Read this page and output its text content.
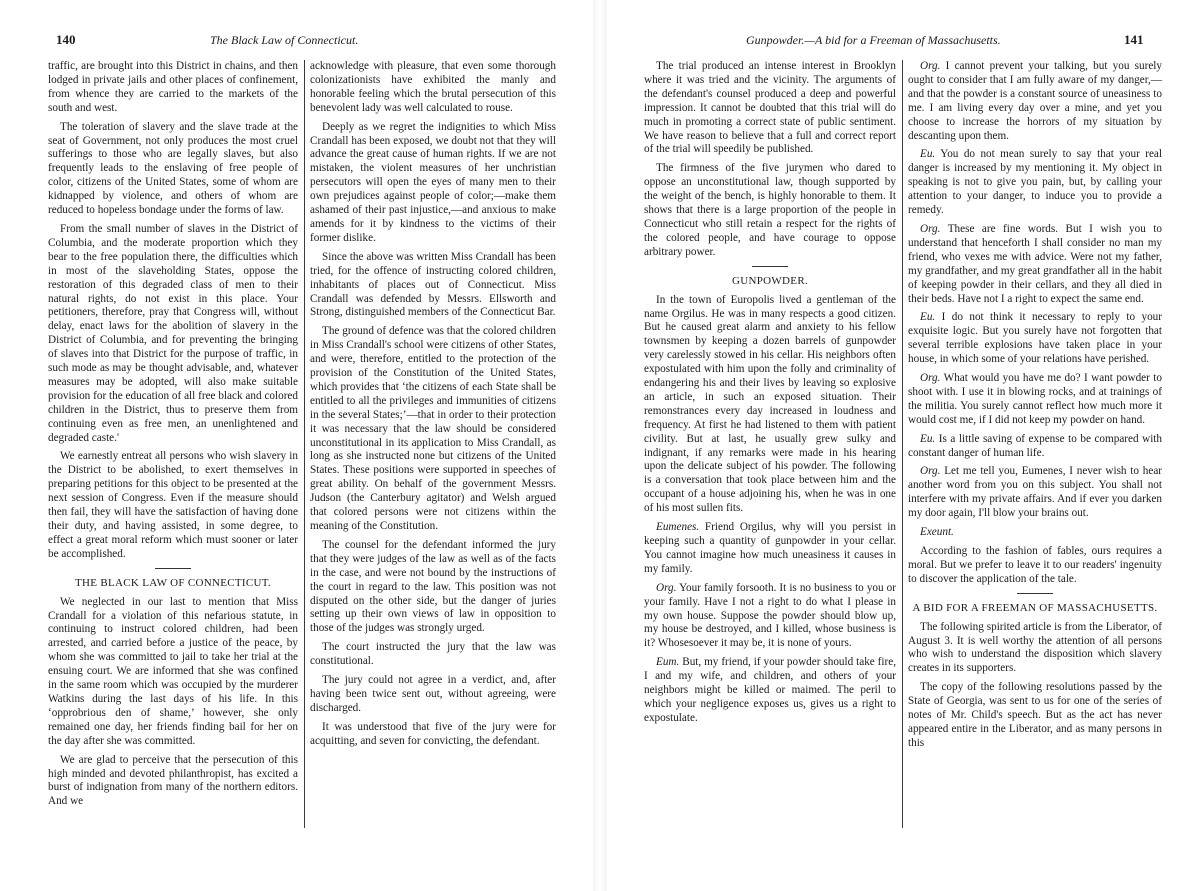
140	The Black Law of Connecticut.

traffic, are brought into this District in chains, and then lodged in private jails and other places of confinement, from whence they are carried to the markets of the south and west.

The toleration of slavery and the slave trade at the seat of Government, not only produces the most cruel sufferings to those who are legally slaves, but also frequently leads to the enslaving of free people of color, citizens of the United States, some of whom are kidnapped by violence, and others of whom are reduced to hopeless bondage under the forms of law.

From the small number of slaves in the District of Columbia, and the moderate proportion which they bear to the free population there, the difficulties which in most of the slaveholding States, oppose the restoration of this degraded class of men to their natural rights, do not exist in this place. Your petitioners, therefore, pray that Congress will, without delay, enact laws for the abolition of slavery in the District of Columbia, and for preventing the bringing of slaves into that District for the purpose of traffic, in such mode as may be thought advisable, and, whatever measures may be adopted, will also make suitable provision for the education of all free black and colored children in the District, thus to preserve them from continuing even as free men, an unenlightened and degraded caste.'

We earnestly entreat all persons who wish slavery in the District to be abolished, to exert themselves in preparing petitions for this object to be presented at the next session of Congress. Even if the measure should then fail, they will have the satisfaction of having done their duty, and having assisted, in some degree, to effect a great moral reform which must sooner or later be accomplished.

THE BLACK LAW OF CONNECTICUT.

We neglected in our last to mention that Miss Crandall for a violation of this nefarious statute, in continuing to instruct colored children, had been arrested, and carried before a justice of the peace, by whom she was committed to jail to take her trial at the ensuing court. We are informed that she was confined in the same room which was occupied by the murderer Watkins during the last days of his life. In this ‘opprobrious den of shame,’ however, she only remained one day, her friends finding bail for her on the day after she was committed.

We are glad to perceive that the persecution of this high minded and devoted philanthropist, has excited a burst of indignation from many of the northern editors. And we

acknowledge with pleasure, that even some thorough colonizationists have exhibited the manly and honorable feeling which the brutal persecution of this benevolent lady was well calculated to rouse.

Deeply as we regret the indignities to which Miss Crandall has been exposed, we doubt not that they will advance the great cause of human rights. If we are not mistaken, the violent measures of her unchristian persecutors will open the eyes of many men to their own prejudices against people of color;—make them ashamed of their past injustice,—and anxious to make amends for it by kindness to the victims of their former dislike.

Since the above was written Miss Crandall has been tried, for the offence of instructing colored children, inhabitants of places out of Connecticut. Miss Crandall was defended by Messrs. Ellsworth and Strong, distinguished members of the Connecticut Bar.

The ground of defence was that the colored children in Miss Crandall's school were citizens of other States, and were, therefore, entitled to the protection of the provision of the Constitution of the United States, which provides that ‘the citizens of each State shall be entitled to all the privileges and immunities of citizens in the several States;’—that in order to their protection it was necessary that the law should be considered unconstitutional in its application to Miss Crandall, as long as she instructed none but citizens of the United States. These positions were supported in speeches of great ability. On behalf of the government Messrs. Judson (the Canterbury agitator) and Welsh argued that colored persons were not citizens within the meaning of the Constitution.

The counsel for the defendant informed the jury that they were judges of the law as well as of the facts in the case, and were not bound by the instructions of the court in regard to the law. This position was not disputed on the other side, but the danger of juries setting up their own views of law in opposition to those of the judges was strongly urged.

The court instructed the jury that the law was constitutional.

The jury could not agree in a verdict, and, after having been twice sent out, without agreeing, were discharged.

It was understood that five of the jury were for acquitting, and seven for convicting, the defendant.

Gunpowder.—A bid for a Freeman of Massachusetts.	141

The trial produced an intense interest in Brooklyn where it was tried and the vicinity. The arguments of the defendant's counsel produced a deep and powerful impression. It cannot be doubted that this trial will do much in promoting a correct state of public sentiment. We have reason to believe that a full and correct report of the trial will speedily be published.

The firmness of the five jurymen who dared to oppose an unconstitutional law, though supported by the weight of the bench, is highly honorable to them. It shows that there is a large proportion of the people in Connecticut who still retain a respect for the rights of the colored people, and have courage to oppose arbitrary power.

GUNPOWDER.

In the town of Europolis lived a gentleman of the name Orgilus. He was in many respects a good citizen. But he caused great alarm and anxiety to his fellow townsmen by keeping a dozen barrels of gunpowder very carelessly stowed in his cellar. His neighbors often expostulated with him upon the folly and criminality of endangering his and their lives by leaving so explosive an article, in such an exposed situation. Their remonstrances every day increased in loudness and frequency. At first he had listened to them with patient civility. But at last, he usually grew sulky and indignant, if any remarks were made in his hearing upon the delicate subject of his powder. The following is a conversation that took place between him and the occupant of a house adjoining his, when he was in one of his most sullen fits.

Eumenes. Friend Orgilus, why will you persist in keeping such a quantity of gunpowder in your cellar. You cannot imagine how much uneasiness it causes in my family.

Org. Your family forsooth. It is no business to you or your family. Have I not a right to do what I please in my own house. Suppose the powder should blow up, my house be destroyed, and I killed, whose business is it? Whosesoever it may be, it is none of yours.

Eum. But, my friend, if your powder should take fire, I and my wife, and children, and others of your neighbors might be killed or maimed. The peril to which your negligence exposes us, gives us a right to expostulate.

Org. I cannot prevent your talking, but you surely ought to consider that I am fully aware of my danger,—and that the powder is a constant source of uneasiness to me. I am living every day over a mine, and yet you choose to increase the horrors of my situation by descanting upon them.

Eu. You do not mean surely to say that your real danger is increased by my mentioning it. My object in speaking is not to give you pain, but, by calling your attention to your danger, to induce you to provide a remedy.

Org. These are fine words. But I wish you to understand that henceforth I shall consider no man my friend, who vexes me with advice. Were not my father, my grandfather, and my great grandfather all in the habit of keeping powder in their cellars, and they all died in their beds. Have not I a right to expect the same end.

Eu. I do not think it necessary to reply to your exquisite logic. But you surely have not forgotten that several terrible explosions have taken place in your house, in which some of your relations have perished.

Org. What would you have me do? I want powder to shoot with. I use it in blowing rocks, and at trainings of the militia. You surely cannot reflect how much more it would cost me, if I did not keep my powder on hand.

Eu. Is a little saving of expense to be compared with constant danger of human life.

Org. Let me tell you, Eumenes, I never wish to hear another word from you on this subject. You shall not interfere with my private affairs. And if ever you darken my door again, I'll blow your brains out.

Exeunt.

According to the fashion of fables, ours requires a moral. But we prefer to leave it to our readers' ingenuity to discover the application of the tale.

A BID FOR A FREEMAN OF MASSACHUSETTS.

The following spirited article is from the Liberator, of August 3. It is well worthy the attention of all persons who wish to understand the disposition which slavery creates in its supporters.

The copy of the following resolutions passed by the State of Georgia, was sent to us for one of the series of notes of Mr. Child's speech. But as the act has never appeared entire in the Liberator, and as many persons in this
